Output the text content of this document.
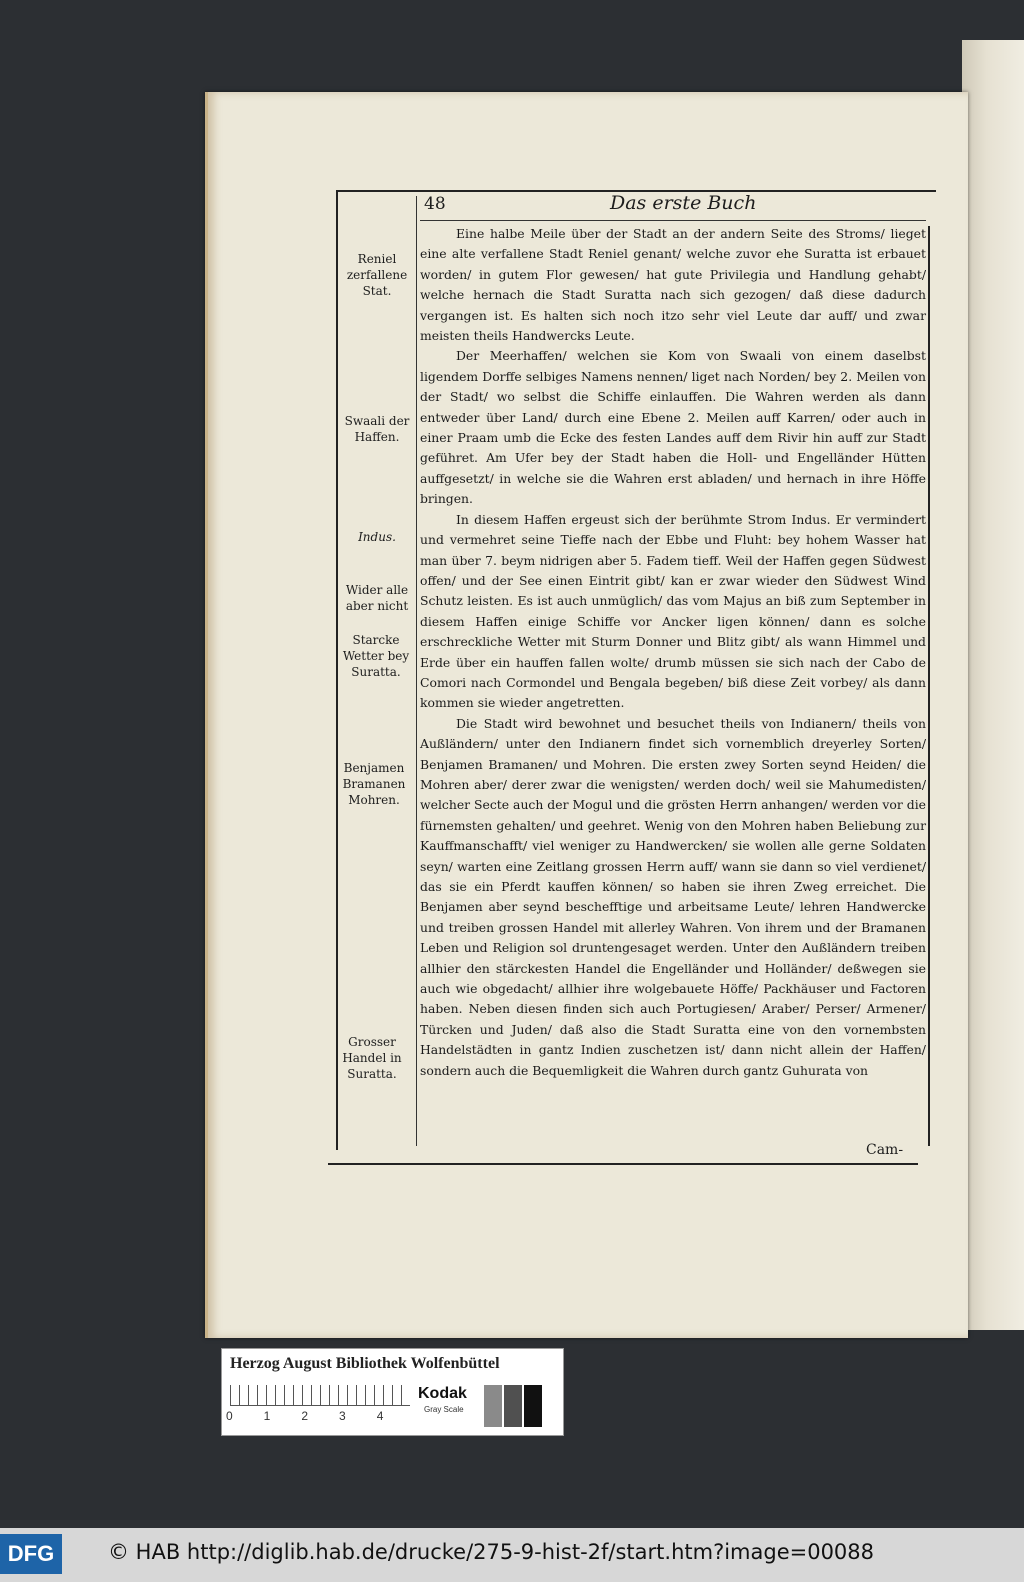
48	Das erste Buch

Eine halbe Meile über der Stadt an der andern Seite des Stroms/ lieget eine alte verfallene Stadt Reniel genant/ welche zuvor ehe Suratta ist erbauet worden/ in gutem Flor gewesen/ hat gute Privilegia und Handlung gehabt/ welche hernach die Stadt Suratta nach sich gezogen/ daß diese dadurch vergangen ist. Es halten sich noch itzo sehr viel Leute dar auff/ und zwar meisten theils Handwercks Leute.

Der Meerhaffen/ welchen sie Kom von Swaali von einem daselbst ligendem Dorffe selbiges Namens nennen/ liget nach Norden/ bey 2. Meilen von der Stadt/ wo selbst die Schiffe einlauffen. Die Wahren werden als dann entweder über Land/ durch eine Ebene 2. Meilen auff Karren/ oder auch in einer Praam umb die Ecke des festen Landes auff dem Rivir hin auff zur Stadt geführet. Am Ufer bey der Stadt haben die Holl- und Engelländer Hütten auffgesetzt/ in welche sie die Wahren erst abladen/ und hernach in ihre Höffe bringen.

In diesem Haffen ergeust sich der berühmte Strom Indus. Er vermindert und vermehret seine Tieffe nach der Ebbe und Fluht: bey hohem Wasser hat man über 7. beym nidrigen aber 5. Fadem tieff. Weil der Haffen gegen Südwest offen/ und der See einen Eintrit gibt/ kan er zwar wieder den Südwest Wind Schutz leisten. Es ist auch unmüglich/ das vom Majus an biß zum September in diesem Haffen einige Schiffe vor Ancker ligen können/ dann es solche erschreckliche Wetter mit Sturm Donner und Blitz gibt/ als wann Himmel und Erde über ein hauffen fallen wolte/ drumb müssen sie sich nach der Cabo de Comori nach Cormondel und Bengala begeben/ biß diese Zeit vorbey/ als dann kommen sie wieder angetretten.

Die Stadt wird bewohnet und besuchet theils von Indianern/ theils von Außländern/ unter den Indianern findet sich vornemblich dreyerley Sorten/ Benjamen Bramanen/ und Mohren. Die ersten zwey Sorten seynd Heiden/ die Mohren aber/ derer zwar die wenigsten/ werden doch/ weil sie Mahumedisten/ welcher Secte auch der Mogul und die grösten Herrn anhangen/ werden vor die fürnemsten gehalten/ und geehret. Wenig von den Mohren haben Beliebung zur Kauffmanschafft/ viel weniger zu Handwercken/ sie wollen alle gerne Soldaten seyn/ warten eine Zeitlang grossen Herrn auff/ wann sie dann so viel verdienet/ das sie ein Pferdt kauffen können/ so haben sie ihren Zweg erreichet. Die Benjamen aber seynd beschefftige und arbeitsame Leute/ lehren Handwercke und treiben grossen Handel mit allerley Wahren. Von ihrem und der Bramanen Leben und Religion sol druntengesaget werden. Unter den Außländern treiben allhier den stärckesten Handel die Engelländer und Holländer/ deßwegen sie auch wie obgedacht/ allhier ihre wolgebauete Höffe/ Packhäuser und Factoren haben. Neben diesen finden sich auch Portugiesen/ Araber/ Perser/ Armener/ Türcken und Juden/ daß also die Stadt Suratta eine von den vornembsten Handelstädten in gantz Indien zuschetzen ist/ dann nicht allein der Haffen/ sondern auch die Bequemligkeit die Wahren durch gantz Guhurata von

Reniel zerfallene Stat.
Swaali der Haffen.
Indus.
Wider alle aber nicht
Starcke Wetter bey Suratta.
Benjamen Bramanen Mohren.
Grosser Handel in Suratta.
Cam-
Herzog August Bibliothek Wolfenbüttel
01234
Kodak
Gray Scale
DFG	© HAB http://diglib.hab.de/drucke/275-9-hist-2f/start.htm?image=00088
